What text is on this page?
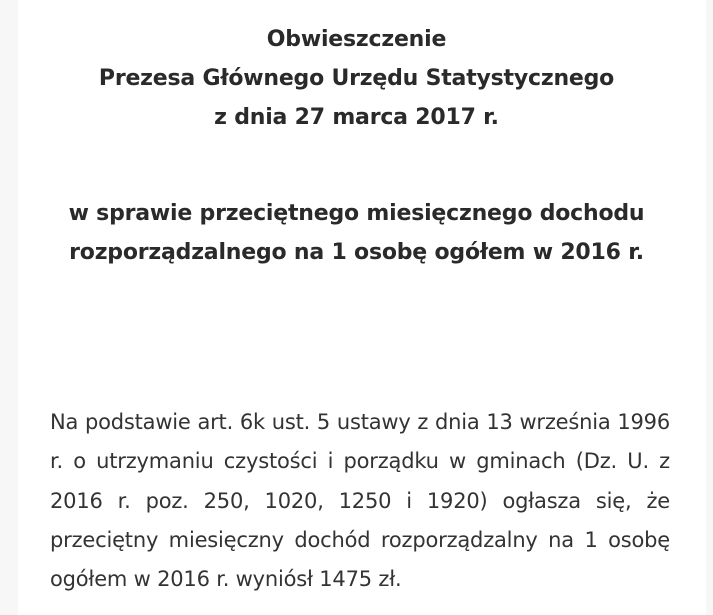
Obwieszczenie
Prezesa Głównego Urzędu Statystycznego
z dnia 27 marca 2017 r.
w sprawie przeciętnego miesięcznego dochodu
rozporządzalnego na 1 osobę ogółem w 2016 r.

Na podstawie art. 6k ust. 5 ustawy z dnia 13 września 1996 r. o utrzymaniu czystości i porządku w gminach (Dz. U. z 2016 r. poz. 250, 1020, 1250 i 1920) ogłasza się, że przeciętny miesięczny dochód rozporządzalny na 1 osobę ogółem w 2016 r. wyniósł 1475 zł.
